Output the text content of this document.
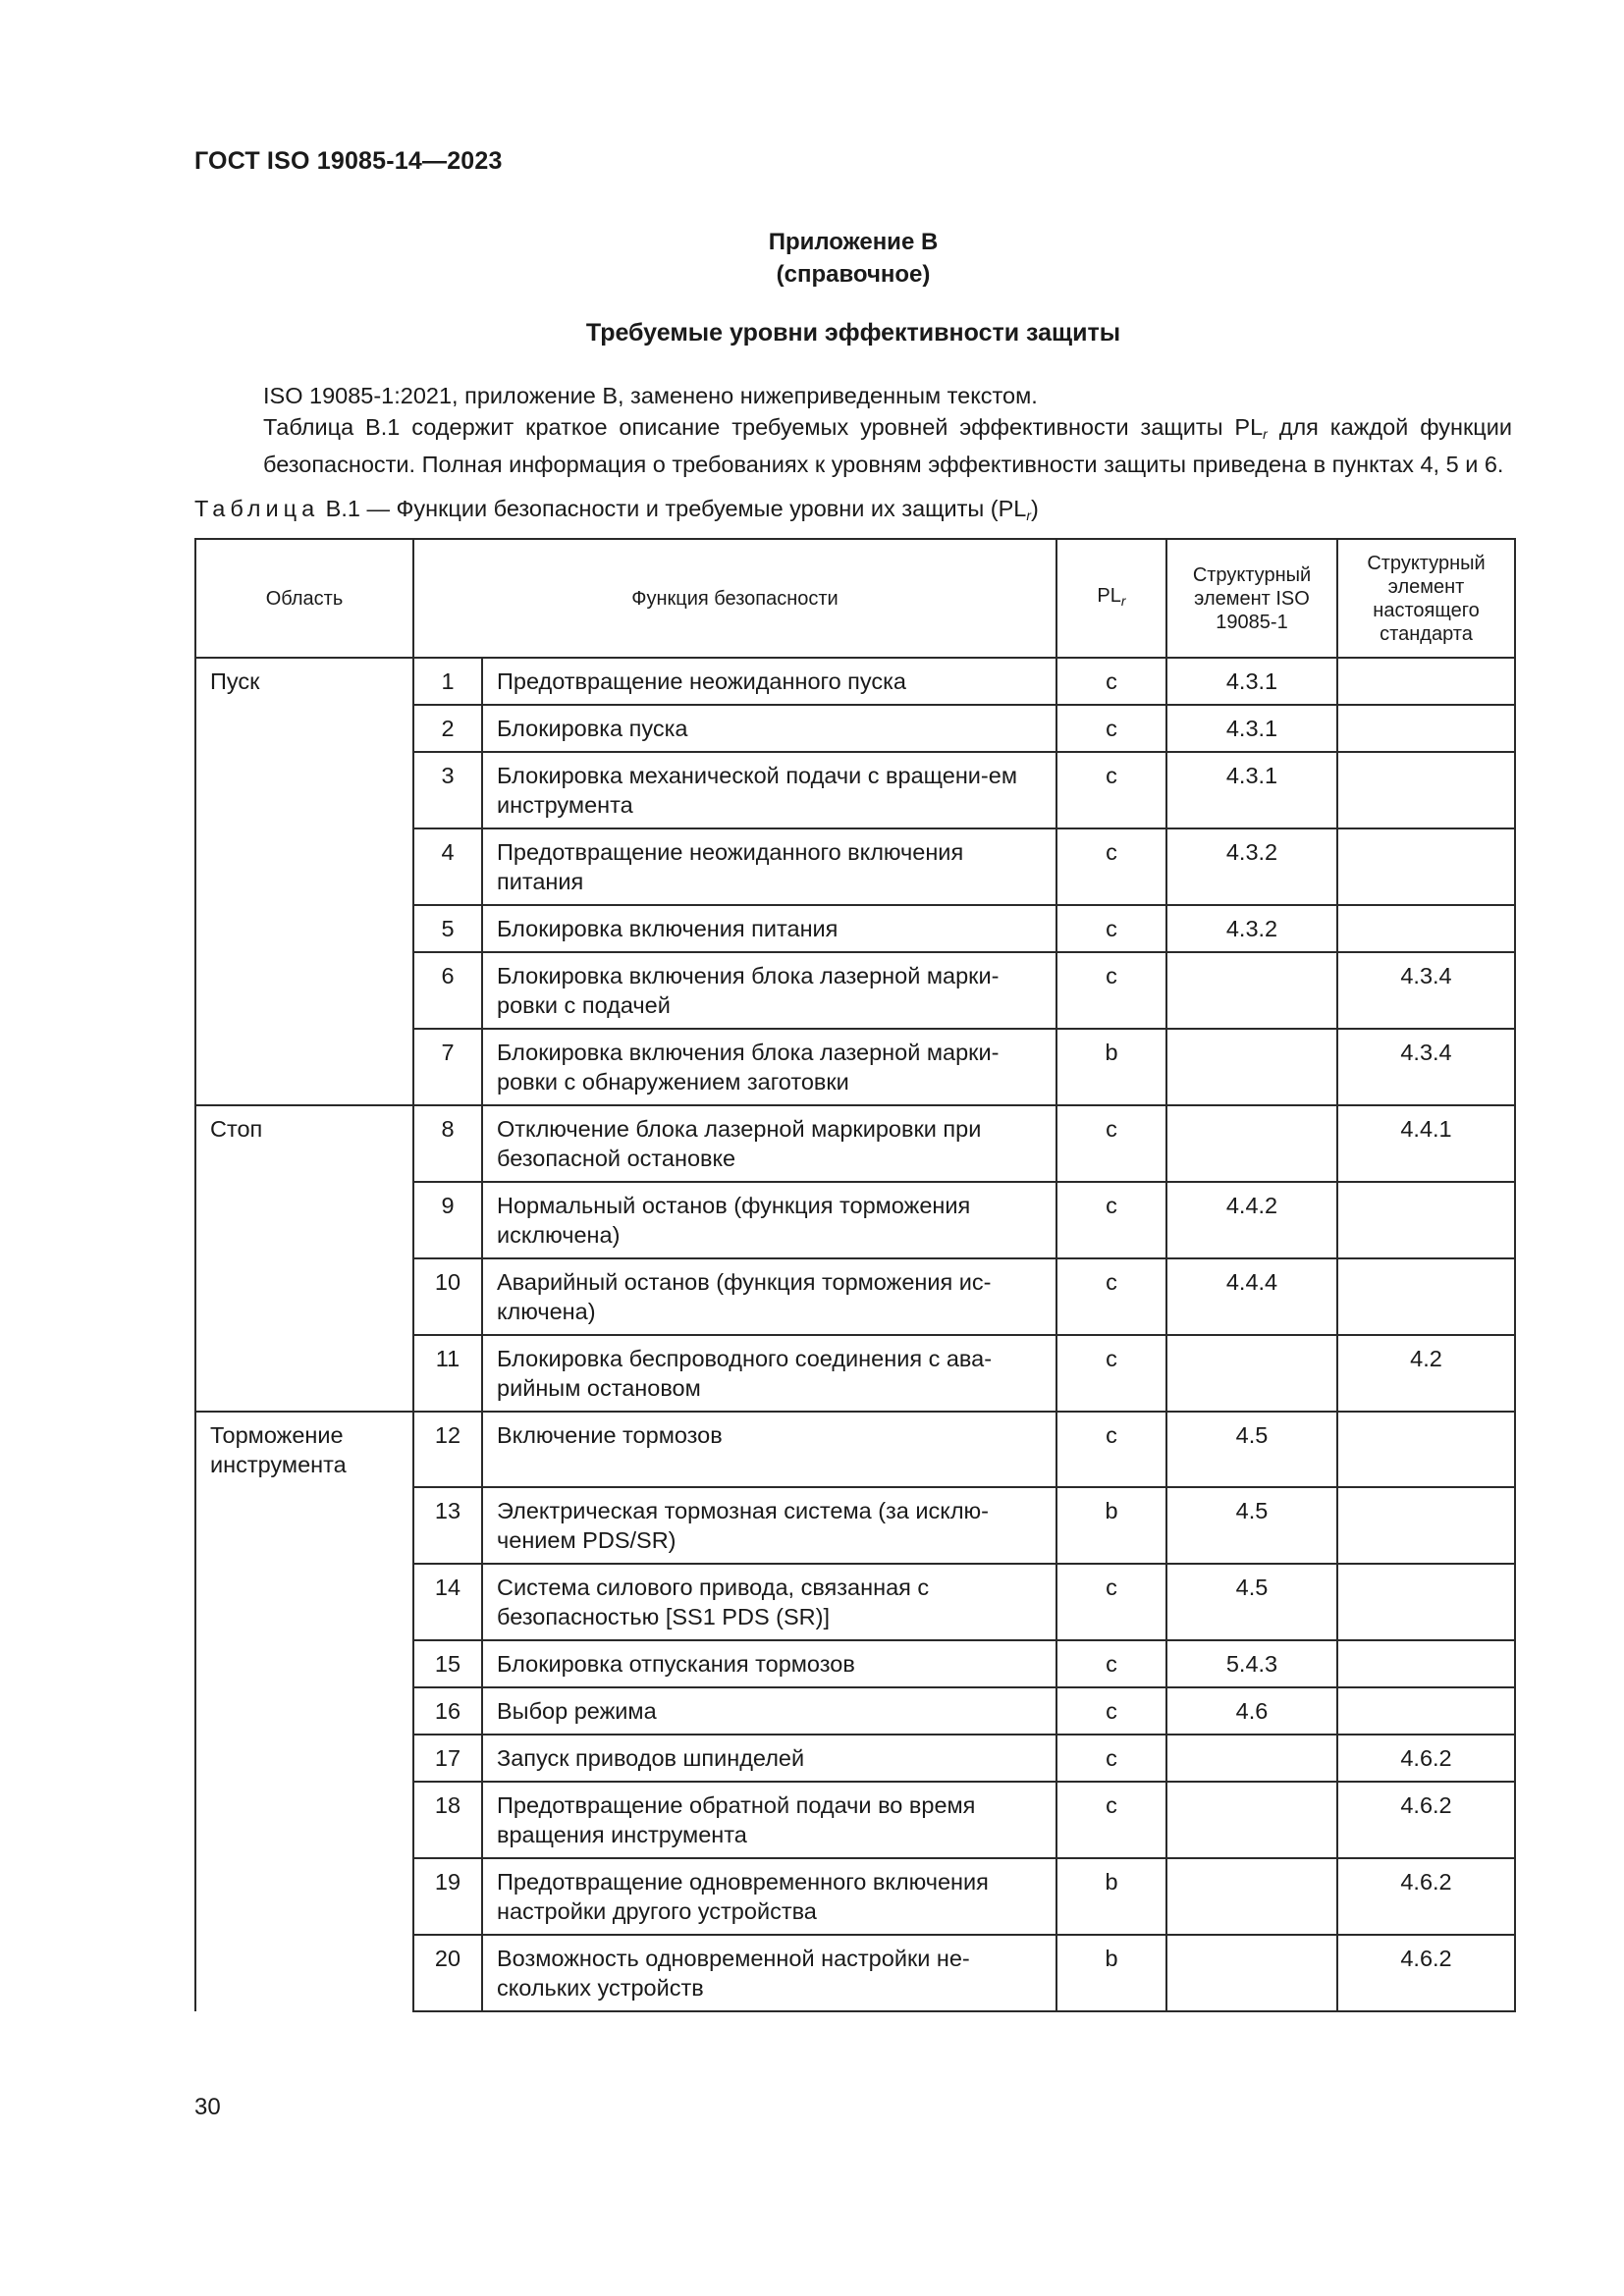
ГОСТ ISO 19085-14—2023
Приложение В
(справочное)
Требуемые уровни эффективности защиты
ISO 19085-1:2021, приложение В, заменено нижеприведенным текстом.
Таблица В.1 содержит краткое описание требуемых уровней эффективности защиты $PL_r$ для каждой функции безопасности. Полная информация о требованиях к уровням эффективности защиты приведена в пунктах 4, 5 и 6.
Таблица В.1 — Функции безопасности и требуемые уровни их защиты $(PL_r)$
Область	Функция безопасности		$PL_r$	Структурный элемент ISO 19085-1	Структурный элемент настоящего стандарта
Пуск	1	Предотвращение неожиданного пуска	c	4.3.1	
	2	Блокировка пуска	c	4.3.1	
	3	Блокировка механической подачи с вращени-ем инструмента	c	4.3.1	
	4	Предотвращение неожиданного включения питания	c	4.3.2	
	5	Блокировка включения питания	c	4.3.2	
	6	Блокировка включения блока лазерной марки-ровки с подачей	c		4.3.4
	7	Блокировка включения блока лазерной марки-ровки с обнаружением заготовки	b		4.3.4
Стоп	8	Отключение блока лазерной маркировки при безопасной остановке	c		4.4.1
	9	Нормальный останов (функция торможения исключена)	c	4.4.2	
	10	Аварийный останов (функция торможения ис-ключена)	c	4.4.4	
	11	Блокировка беспроводного соединения с ава-рийным остановом	c		4.2
Торможение инструмента	12	Включение тормозов	c	4.5	
	13	Электрическая тормозная система (за исклю-чением PDS/SR)	b	4.5	
	14	Система силового привода, связанная с безопасностью [SS1 PDS (SR)]	c	4.5	
	15	Блокировка отпускания тормозов	c	5.4.3	
	16	Выбор режима	c	4.6	
	17	Запуск приводов шпинделей	c		4.6.2
	18	Предотвращение обратной подачи во время вращения инструмента	c		4.6.2
	19	Предотвращение одновременного включения настройки другого устройства	b		4.6.2
	20	Возможность одновременной настройки не-скольких устройств	b		4.6.2
30
